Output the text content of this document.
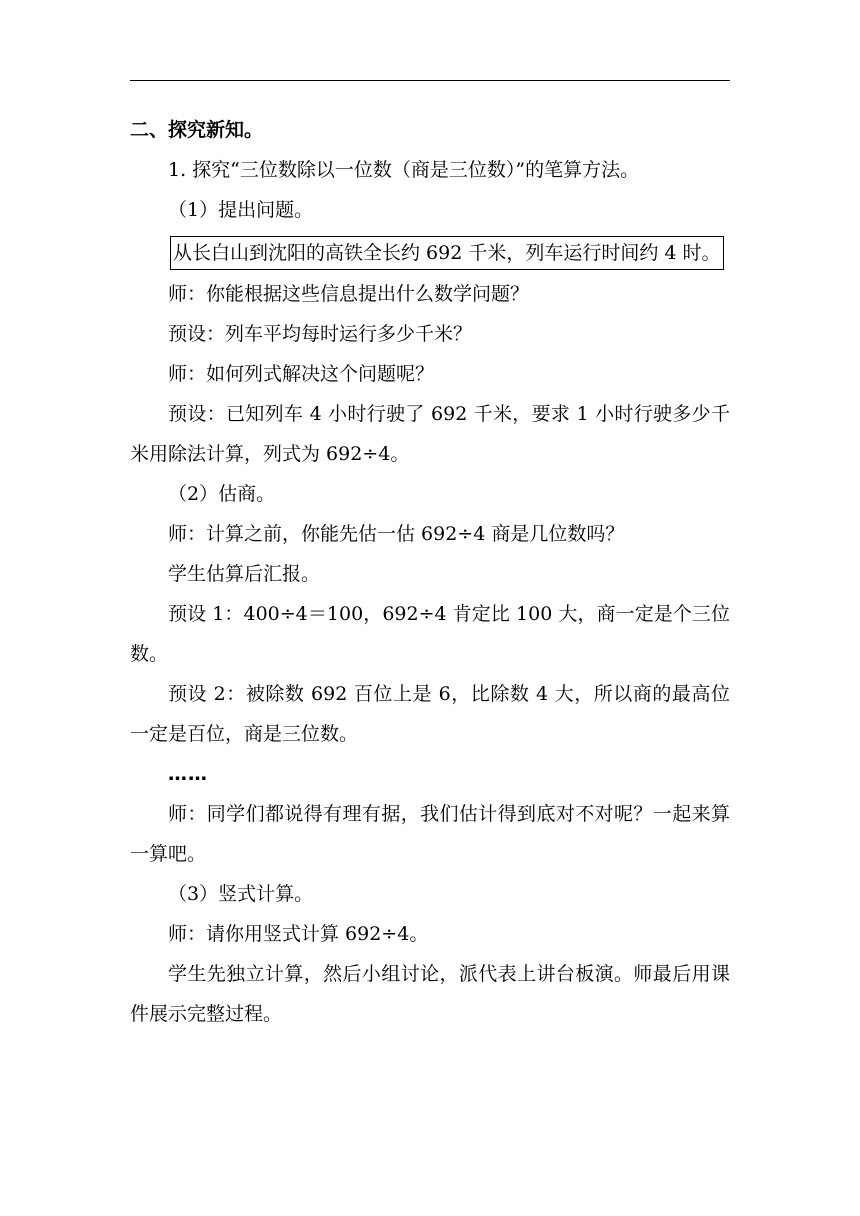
二、探究新知。

1. 探究“三位数除以一位数（商是三位数）”的笔算方法。

（1）提出问题。

从长白山到沈阳的高铁全长约 692 千米，列车运行时间约 4 时。

师：你能根据这些信息提出什么数学问题？

预设：列车平均每时运行多少千米？

师：如何列式解决这个问题呢？

预设：已知列车 4 小时行驶了 692 千米，要求 1 小时行驶多少千米用除法计算，列式为 692÷4。

（2）估商。

师：计算之前，你能先估一估 692÷4 商是几位数吗？

学生估算后汇报。

预设 1：400÷4＝100，692÷4 肯定比 100 大，商一定是个三位数。

预设 2：被除数 692 百位上是 6，比除数 4 大，所以商的最高位一定是百位，商是三位数。

……

师：同学们都说得有理有据，我们估计得到底对不对呢？一起来算一算吧。

（3）竖式计算。

师：请你用竖式计算 692÷4。

学生先独立计算，然后小组讨论，派代表上讲台板演。师最后用课件展示完整过程。
